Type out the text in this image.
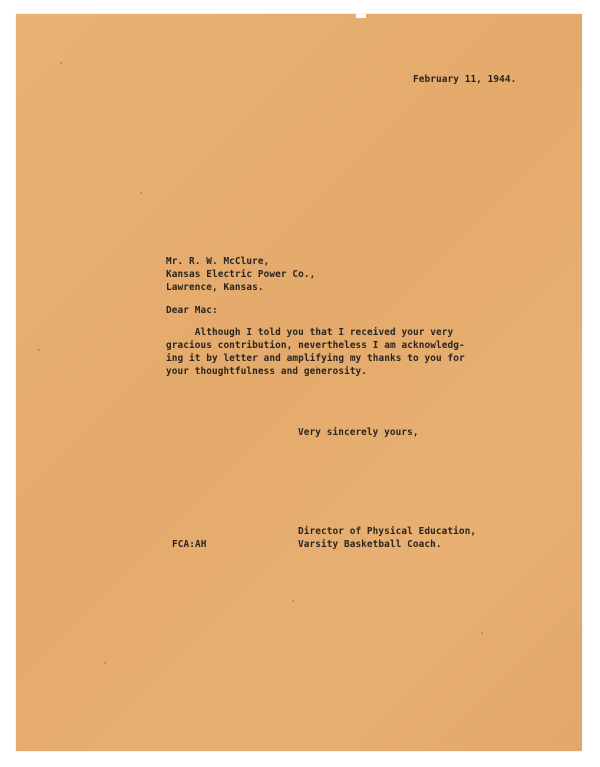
February 11, 1944.
Mr. R. W. McClure,
Kansas Electric Power Co.,
Lawrence, Kansas.
Dear Mac:
Although I told you that I received your very
gracious contribution, nevertheless I am acknowledg-
ing it by letter and amplifying my thanks to you for
your thoughtfulness and generosity.
Very sincerely yours,
Director of Physical Education,
Varsity Basketball Coach.
FCA:AH
